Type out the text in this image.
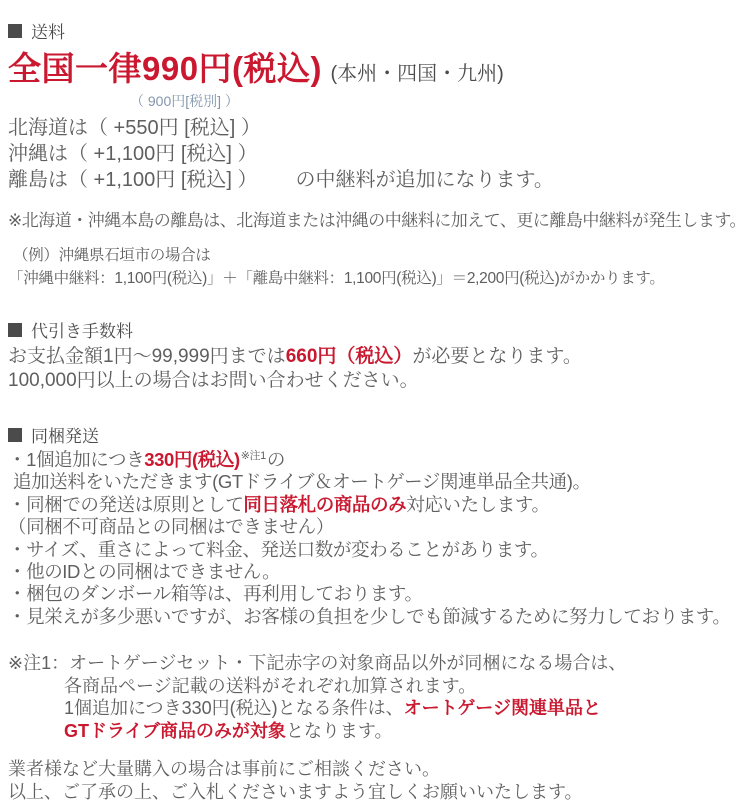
送料
全国一律990円(税込) (本州・四国・九州)
（ 900円[税別] ）
北海道は（ +550円 [税込] ）
沖縄は（ +1,100円 [税込] ）
離島は（ +1,100円 [税込] ） の中継料が追加になります。
※北海道・沖縄本島の離島は、北海道または沖縄の中継料に加えて、更に離島中継料が発生します。
（例）沖縄県石垣市の場合は
「沖縄中継料：1,100円(税込)」＋「離島中継料：1,100円(税込)」＝2,200円(税込)がかかります。
代引き手数料
お支払金額1円～99,999円までは660円（税込）が必要となります。
100,000円以上の場合はお問い合わせください。
同梱発送
・1個追加につき330円(税込)$^{※注1}$の
追加送料をいただきます(GTドライブ＆オートゲージ関連単品全共通)。
・同梱での発送は原則として同日落札の商品のみ対応いたします。
（同梱不可商品との同梱はできません）
・サイズ、重さによって料金、発送口数が変わることがあります。
・他のIDとの同梱はできません。
・梱包のダンボール箱等は、再利用しております。
・見栄えが多少悪いですが、お客様の負担を少しでも節減するために努力しております。
※注1：オートゲージセット・下記赤字の対象商品以外が同梱になる場合は、
各商品ページ記載の送料がそれぞれ加算されます。
1個追加につき330円(税込)となる条件は、オートゲージ関連単品と
GTドライブ商品のみが対象となります。
業者様など大量購入の場合は事前にご相談ください。
以上、ご了承の上、ご入札くださいますよう宜しくお願いいたします。
